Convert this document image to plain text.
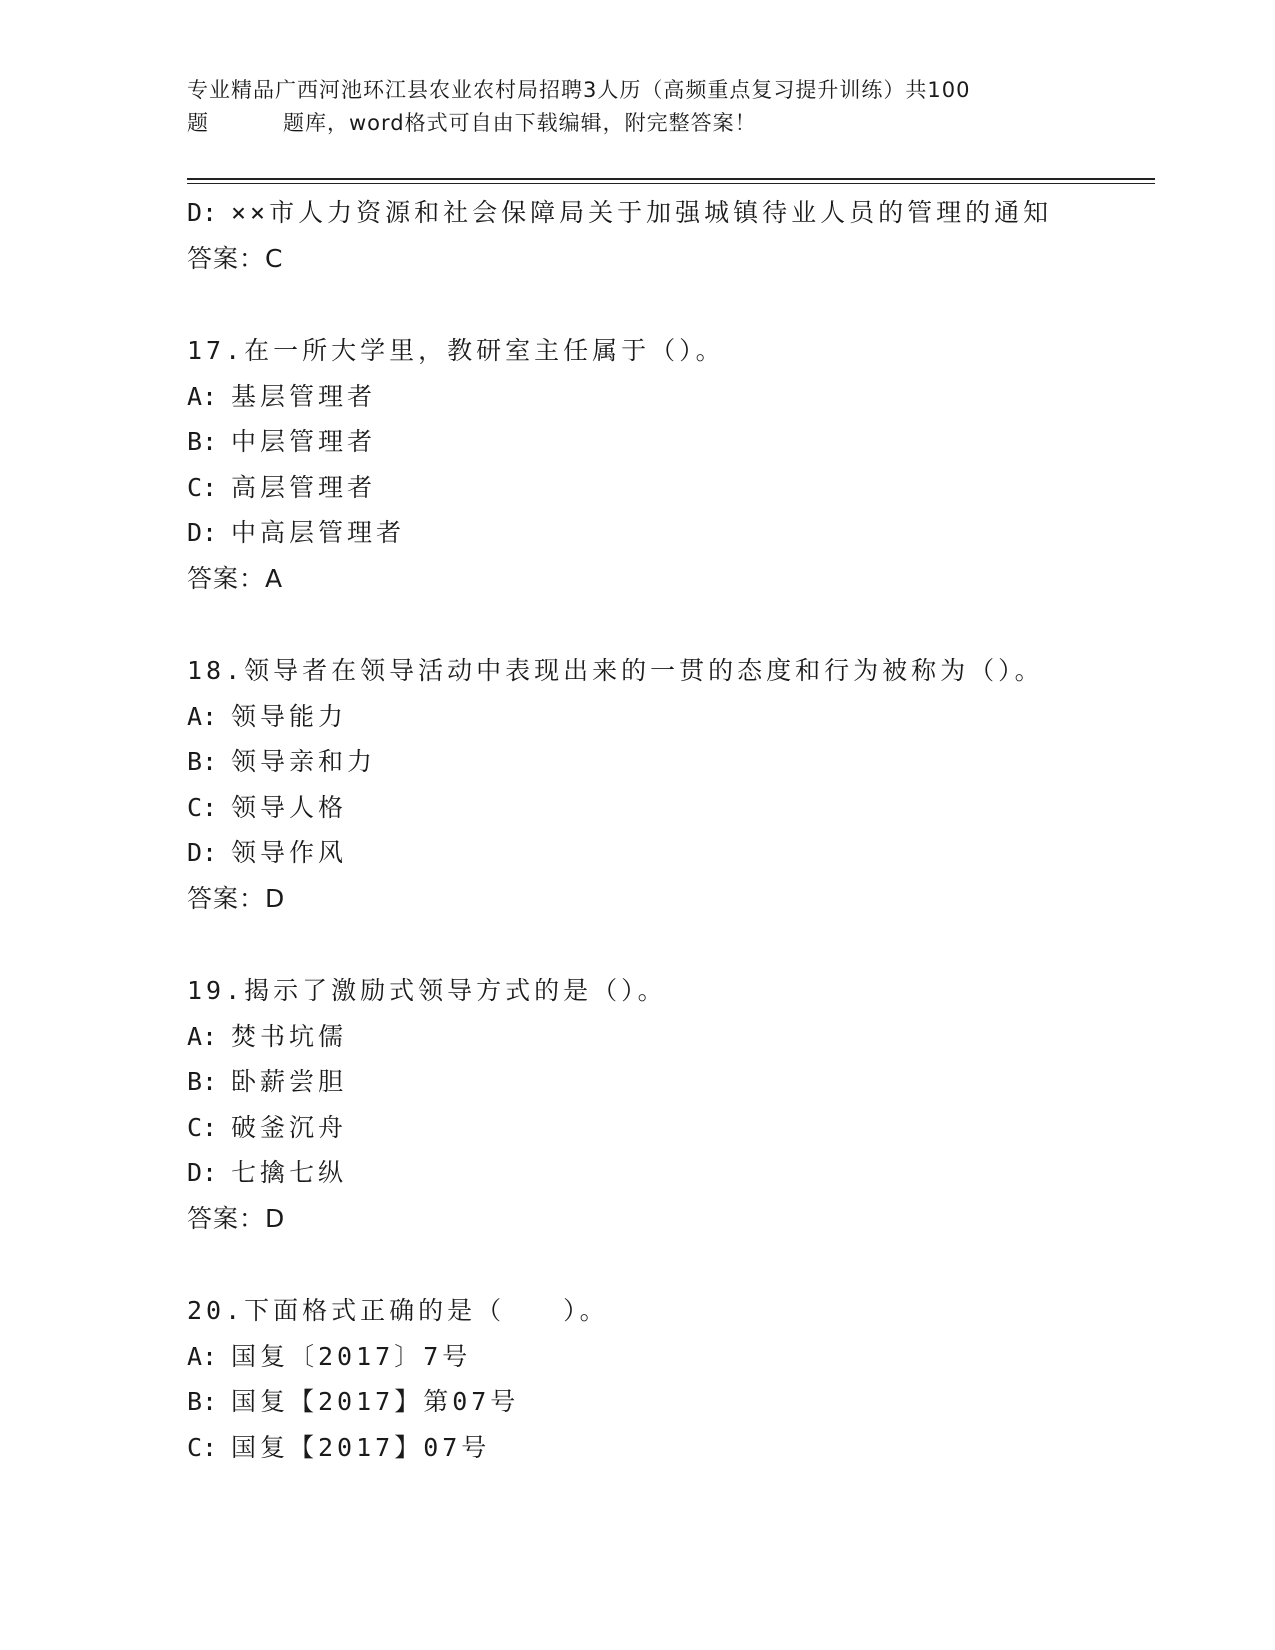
专业精品广西河池环江县农业农村局招聘3人历（高频重点复习提升训练）共100
题	题库，word格式可自由下载编辑，附完整答案！
D: ××市人力资源和社会保障局关于加强城镇待业人员的管理的通知
答案：C
17.在一所大学里，教研室主任属于（）。
A: 基层管理者
B: 中层管理者
C: 高层管理者
D: 中高层管理者
答案：A
18.领导者在领导活动中表现出来的一贯的态度和行为被称为（）。
A: 领导能力
B: 领导亲和力
C: 领导人格
D: 领导作风
答案：D
19.揭示了激励式领导方式的是（）。
A: 焚书坑儒
B: 卧薪尝胆
C: 破釜沉舟
D: 七擒七纵
答案：D
20.下面格式正确的是（　　）。
A: 国复〔2017〕7号
B: 国复【2017】第07号
C: 国复【2017】07号
